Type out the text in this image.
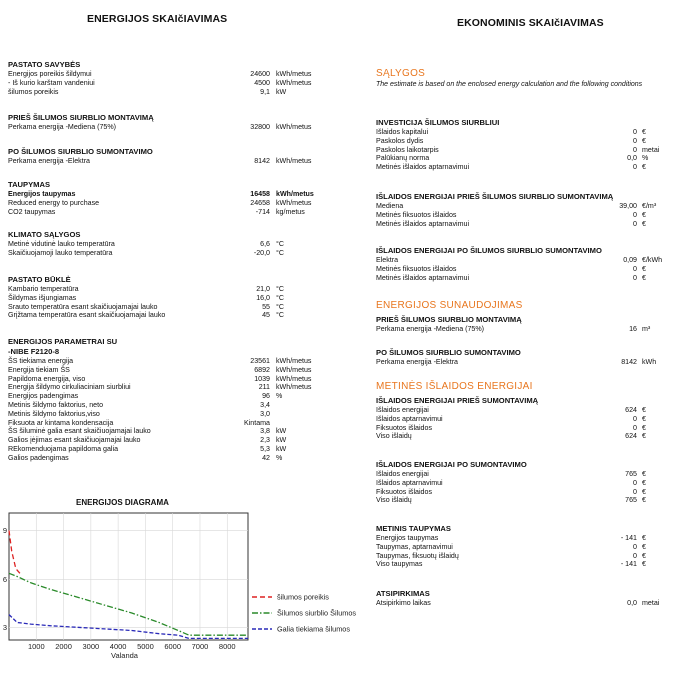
ENERGIJOS SKAIčIAVIMAS
PASTATO SAVYBĖS
Energijos poreikis šildymui	24600 kWh/metus
- Iš kurio karštam vandeniui	4500 kWh/metus
šilumos poreikis	9,1 kW
PRIEŠ ŠILUMOS SIURBLIO MONTAVIMĄ
Perkama energija -Mediena (75%)	32800 kWh/metus
PO ŠILUMOS SIURBLIO SUMONTAVIMO
Perkama energija -Elektra	8142 kWh/metus
TAUPYMAS
Energijos taupymas	16458 kWh/metus
Reduced energy to purchase	24658 kWh/metus
CO2 taupymas	-714 kg/metus
KLIMATO SĄLYGOS
Metinė vidutinė lauko temperatūra	6,6 °C
Skaičiuojamoji lauko temperatūra	-20,0 °C
PASTATO BŪKLĖ
Kambario temperatūra	21,0 °C
Šildymas išjungiamas	16,0 °C
Srauto temperatūra esant skaičiuojamajai lauko	55 °C
Grįžtama temperatūra esant skaičiuojamajai lauko	45 °C
ENERGIJOS PARAMETRAI SU
-NIBE F2120-8
ŠS tiekiama energija	23561 kWh/metus
Energija tiekiam ŠS	6892 kWh/metus
Papildoma energija, viso	1039 kWh/metus
Energija šildymo cirkuliaciniam siurbliui	211 kWh/metus
Energijos padengimas	96 %
Metinis šildymo faktorius, neto	3,4
Metinis šildymo faktorius,viso	3,0
Fiksuota ar kintama kondensacija	Kintama
ŠS šiluminė galia esant skaičiuojamajai lauko	3,8 kW
Galios įėjimas esant skaičiuojamajai lauko	2,3 kW
REkomenduojama papildoma galia	5,3 kW
Galios padengimas	42 %
EKONOMINIS SKAIčIAVIMAS
SĄLYGOS
The estimate is based on the enclosed energy calculation and the following conditions
INVESTICIJA ŠILUMOS SIURBLIUI
Išlaidos kapitalui	0 €
Paskolos dydis	0 €
Paskolos laikotarpis	0 metai
Palūkianų norma	0,0 %
Metinės išlaidos aptarnavimui	0 €
IŠLAIDOS ENERGIJAI PRIEŠ ŠILUMOS SIURBLIO SUMONTAVIMĄ
Mediena	39,00 €/m³
Metinės fiksuotos išlaidos	0 €
Metinės išlaidos aptarnavimui	0 €
IŠLAIDOS ENERGIJAI PO ŠILUMOS SIURBLIO SUMONTAVIMO
Elektra	0,09 €/kWh
Metinės fiksuotos išlaidos	0 €
Metinės išlaidos aptarnavimui	0 €
ENERGIJOS SUNAUDOJIMAS
PRIEŠ ŠILUMOS SIURBLIO MONTAVIMĄ
Perkama energija -Mediena (75%)	16 m³
PO ŠILUMOS SIURBLIO SUMONTAVIMO
Perkama energija -Elektra	8142 kWh
METINĖS IŠLAIDOS ENERGIJAI
IŠLAIDOS ENERGIJAI PRIEŠ SUMONTAVIMĄ
Išlaidos energijai	624 €
Išlaidos aptarnavimui	0 €
Fiksuotos išlaidos	0 €
Viso išlaidų	624 €
IŠLAIDOS ENERGIJAI PO SUMONTAVIMO
Išlaidos energijai	765 €
Išlaidos aptarnavimui	0 €
Fiksuotos išlaidos	0 €
Viso išlaidų	765 €
METINIS TAUPYMAS
Energijos taupymas	- 141 €
Taupymas, aptarnavimui	0 €
Taupymas, fiksuotų išlaidų	0 €
Viso taupymas	- 141 €
ATSIPIRKIMAS
Atsipirkimo laikas	0,0 metai
ENERGIJOS DIAGRAMA
1000 2000 3000 4000 5000 6000 7000 8000
9
6
3
Valanda
šilumos poreikis
Šilumos siurblio Šilumos
Galia tiekiama šilumos
